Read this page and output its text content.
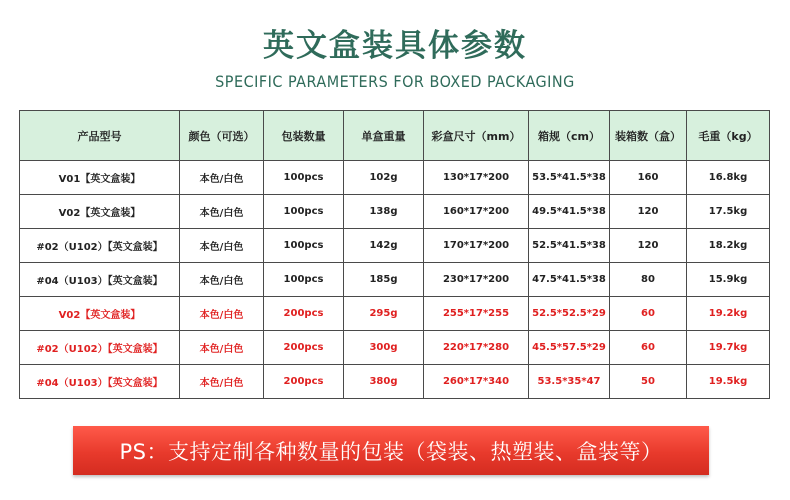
英文盒装具体参数
SPECIFIC PARAMETERS FOR BOXED PACKAGING
产品型号	颜色（可选）	包装数量	单盒重量	彩盒尺寸（mm）	箱规（cm）	装箱数（盒）	毛重（kg）
V01【英文盒装】	本色/白色	100pcs	102g	130*17*200	53.5*41.5*38	160	16.8kg
V02【英文盒装】	本色/白色	100pcs	138g	160*17*200	49.5*41.5*38	120	17.5kg
#02（U102）【英文盒装】	本色/白色	100pcs	142g	170*17*200	52.5*41.5*38	120	18.2kg
#04（U103）【英文盒装】	本色/白色	100pcs	185g	230*17*200	47.5*41.5*38	80	15.9kg
V02【英文盒装】	本色/白色	200pcs	295g	255*17*255	52.5*52.5*29	60	19.2kg
#02（U102）【英文盒装】	本色/白色	200pcs	300g	220*17*280	45.5*57.5*29	60	19.7kg
#04（U103）【英文盒装】	本色/白色	200pcs	380g	260*17*340	53.5*35*47	50	19.5kg
PS：支持定制各种数量的包装（袋装、热塑装、盒装等）
